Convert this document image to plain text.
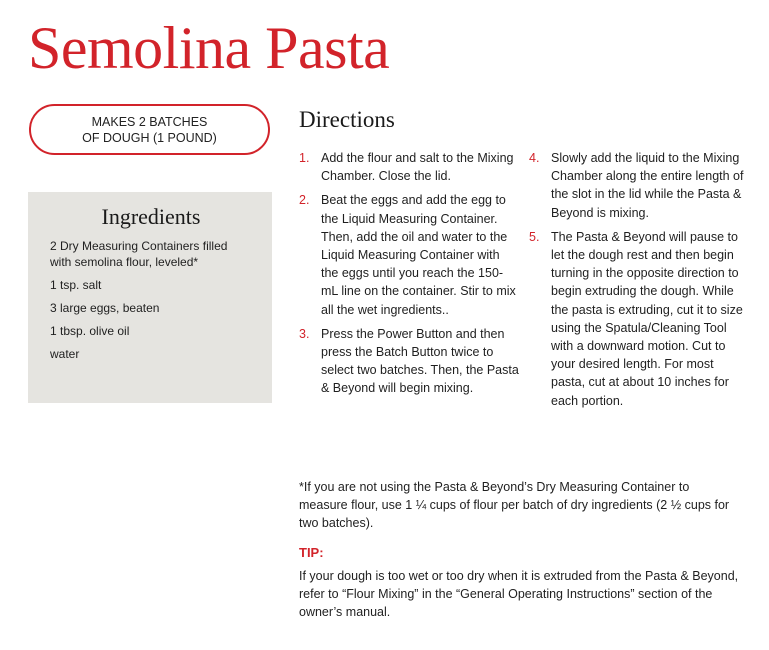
Semolina Pasta
MAKES 2 BATCHES
OF DOUGH (1 POUND)
Ingredients
2 Dry Measuring Containers filled with semolina flour, leveled*
1 tsp. salt
3 large eggs, beaten
1 tbsp. olive oil
water
Directions
1. Add the flour and salt to the Mixing Chamber. Close the lid.
2. Beat the eggs and add the egg to the Liquid Measuring Container. Then, add the oil and water to the Liquid Measuring Container with the eggs until you reach the 150-mL line on the container. Stir to mix all the wet ingredients..
3. Press the Power Button and then press the Batch Button twice to select two batches. Then, the Pasta & Beyond will begin mixing.
4. Slowly add the liquid to the Mixing Chamber along the entire length of the slot in the lid while the Pasta & Beyond is mixing.
5. The Pasta & Beyond will pause to let the dough rest and then begin turning in the opposite direction to begin extruding the dough. While the pasta is extruding, cut it to size using the Spatula/Cleaning Tool with a downward motion. Cut to your desired length. For most pasta, cut at about 10 inches for each portion.
*If you are not using the Pasta & Beyond’s Dry Measuring Container to measure flour, use 1 ¼ cups of flour per batch of dry ingredients (2 ½ cups for two batches).
TIP:
If your dough is too wet or too dry when it is extruded from the Pasta & Beyond, refer to “Flour Mixing” in the “General Operating Instructions” section of the owner’s manual.
